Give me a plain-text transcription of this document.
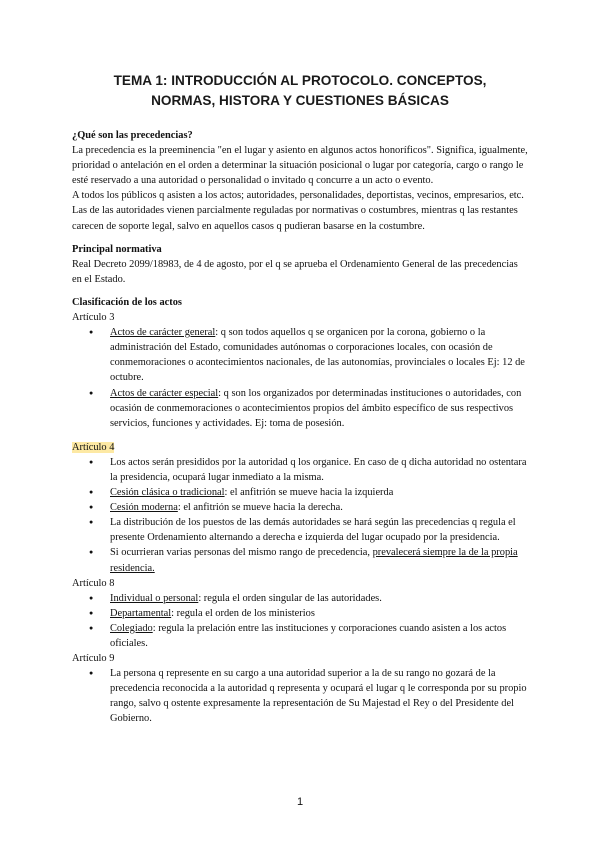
TEMA 1: INTRODUCCIÓN AL PROTOCOLO. CONCEPTOS,
NORMAS, HISTORA Y CUESTIONES BÁSICAS

¿Qué son las precedencias?

La precedencia es la preeminencia "en el lugar y asiento en algunos actos honoríficos". Significa, igualmente, prioridad o antelación en el orden a determinar la situación posicional o lugar por categoría, cargo o rango le esté reservado a una autoridad o personalidad o invitado q concurre a un acto o evento.

A todos los públicos q asisten a los actos; autoridades, personalidades, deportistas, vecinos, empresarios, etc. Las de las autoridades vienen parcialmente reguladas por normativas o costumbres, mientras q las restantes carecen de soporte legal, salvo en aquellos casos q pudieran basarse en la costumbre.

Principal normativa

Real Decreto 2099/18983, de 4 de agosto, por el q se aprueba el Ordenamiento General de las precedencias en el Estado.

Clasificación de los actos

Artículo 3

● Actos de carácter general: q son todos aquellos q se organicen por la corona, gobierno o la administración del Estado, comunidades autónomas o corporaciones locales, con ocasión de conmemoraciones o acontecimientos nacionales, de las autonomías, provinciales o locales Ej: 12 de octubre.
● Actos de carácter especial: q son los organizados por determinadas instituciones o autoridades, con ocasión de conmemoraciones o acontecimientos propios del ámbito específico de sus respectivos servicios, funciones y actividades. Ej: toma de posesión.

Artículo 4

● Los actos serán presididos por la autoridad q los organice. En caso de q dicha autoridad no ostentara la presidencia, ocupará lugar inmediato a la misma.
● Cesión clásica o tradicional: el anfitrión se mueve hacia la izquierda
● Cesión moderna: el anfitrión se mueve hacia la derecha.
● La distribución de los puestos de las demás autoridades se hará según las precedencias q regula el presente Ordenamiento alternando a derecha e izquierda del lugar ocupado por la presidencia.
● Si ocurrieran varias personas del mismo rango de precedencia, prevalecerá siempre la de la propia residencia.

Artículo 8

● Individual o personal: regula el orden singular de las autoridades.
● Departamental: regula el orden de los ministerios
● Colegiado: regula la prelación entre las instituciones y corporaciones cuando asisten a los actos oficiales.

Artículo 9

● La persona q represente en su cargo a una autoridad superior a la de su rango no gozará de la precedencia reconocida a la autoridad q representa y ocupará el lugar q le corresponda por su propio rango, salvo q ostente expresamente la representación de Su Majestad el Rey o del Presidente del Gobierno.
1
